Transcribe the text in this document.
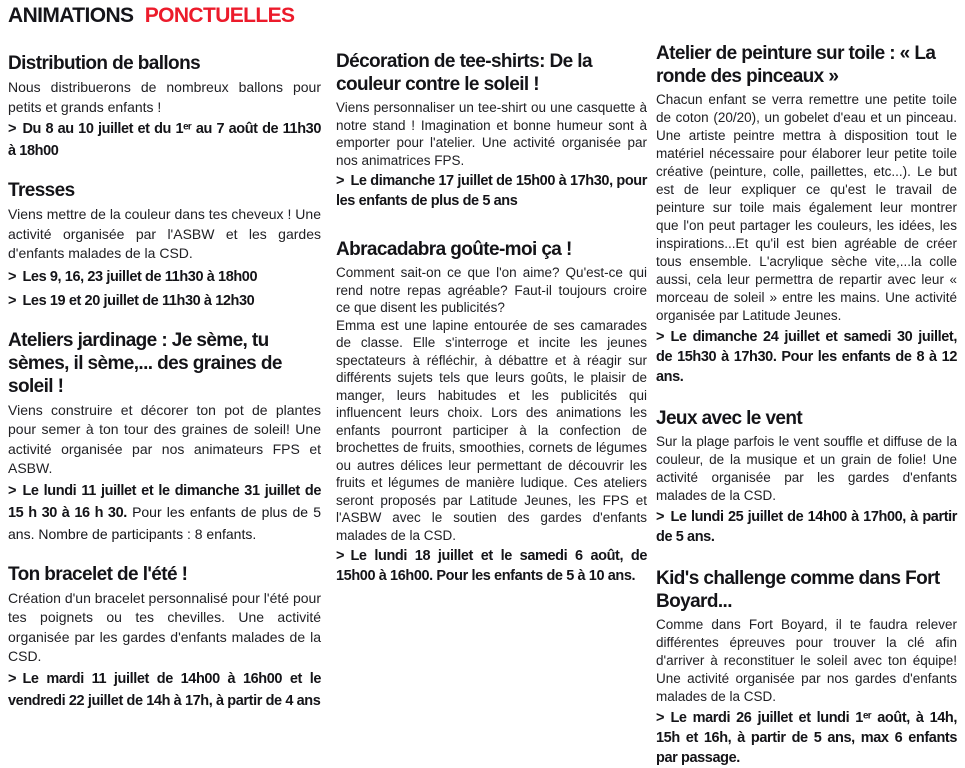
ANIMATIONS PONCTUELLES
Distribution de ballons

Nous distribuerons de nombreux ballons pour petits et grands enfants !

> Du 8 au 10 juillet et du 1ᵉʳ au 7 août de 11h30 à 18h00

Tresses

Viens mettre de la couleur dans tes cheveux ! Une activité organisée par l'ASBW et les gardes d'enfants malades de la CSD.

> Les 9, 16, 23 juillet de 11h30 à 18h00

> Les 19 et 20 juillet de 11h30 à 12h30

Ateliers jardinage : Je sème, tu sèmes, il sème,... des graines de soleil !

Viens construire et décorer ton pot de plantes pour semer à ton tour des graines de soleil! Une activité organisée par nos animateurs FPS et ASBW.

> Le lundi 11 juillet et le dimanche 31 juillet de 15 h 30 à 16 h 30. Pour les enfants de plus de 5 ans. Nombre de participants : 8 enfants.

Ton bracelet de l'été !

Création d'un bracelet personnalisé pour l'été pour tes poignets ou tes chevilles. Une activité organisée par les gardes d'enfants malades de la CSD.

> Le mardi 11 juillet de 14h00 à 16h00 et le vendredi 22 juillet de 14h à 17h, à partir de 4 ans

Décoration de tee-shirts: De la couleur contre le soleil !

Viens personnaliser un tee-shirt ou une casquette à notre stand ! Imagination et bonne humeur sont à emporter pour l'atelier. Une activité organisée par nos animatrices FPS.

> Le dimanche 17 juillet de 15h00 à 17h30, pour les enfants de plus de 5 ans

Abracadabra goûte-moi ça !

Comment sait-on ce que l'on aime? Qu'est-ce qui rend notre repas agréable? Faut-il toujours croire ce que disent les publicités?

Emma est une lapine entourée de ses camarades de classe. Elle s'interroge et incite les jeunes spectateurs à réfléchir, à débattre et à réagir sur différents sujets tels que leurs goûts, le plaisir de manger, leurs habitudes et les publicités qui influencent leurs choix. Lors des animations les enfants pourront participer à la confection de brochettes de fruits, smoothies, cornets de légumes ou autres délices leur permettant de découvrir les fruits et légumes de manière ludique. Ces ateliers seront proposés par Latitude Jeunes, les FPS et l'ASBW avec le soutien des gardes d'enfants malades de la CSD.

> Le lundi 18 juillet et le samedi 6 août, de 15h00 à 16h00. Pour les enfants de 5 à 10 ans.

Atelier de peinture sur toile : « La ronde des pinceaux »

Chacun enfant se verra remettre une petite toile de coton (20/20), un gobelet d'eau et un pinceau. Une artiste peintre mettra à disposition tout le matériel nécessaire pour élaborer leur petite toile créative (peinture, colle, paillettes, etc...). Le but est de leur expliquer ce qu'est le travail de peinture sur toile mais également leur montrer que l'on peut partager les couleurs, les idées, les inspirations...Et qu'il est bien agréable de créer tous ensemble. L'acrylique sèche vite,...la colle aussi, cela leur permettra de repartir avec leur « morceau de soleil » entre les mains. Une activité organisée par Latitude Jeunes.

> Le dimanche 24 juillet et samedi 30 juillet, de 15h30 à 17h30. Pour les enfants de 8 à 12 ans.

Jeux avec le vent

Sur la plage parfois le vent souffle et diffuse de la couleur, de la musique et un grain de folie! Une activité organisée par les gardes d'enfants malades de la CSD.

> Le lundi 25 juillet de 14h00 à 17h00, à partir de 5 ans.

Kid's challenge comme dans Fort Boyard...

Comme dans Fort Boyard, il te faudra relever différentes épreuves pour trouver la clé afin d'arriver à reconstituer le soleil avec ton équipe! Une activité organisée par nos gardes d'enfants malades de la CSD.

> Le mardi 26 juillet et lundi 1ᵉʳ août, à 14h, 15h et 16h, à partir de 5 ans, max 6 enfants par passage.
